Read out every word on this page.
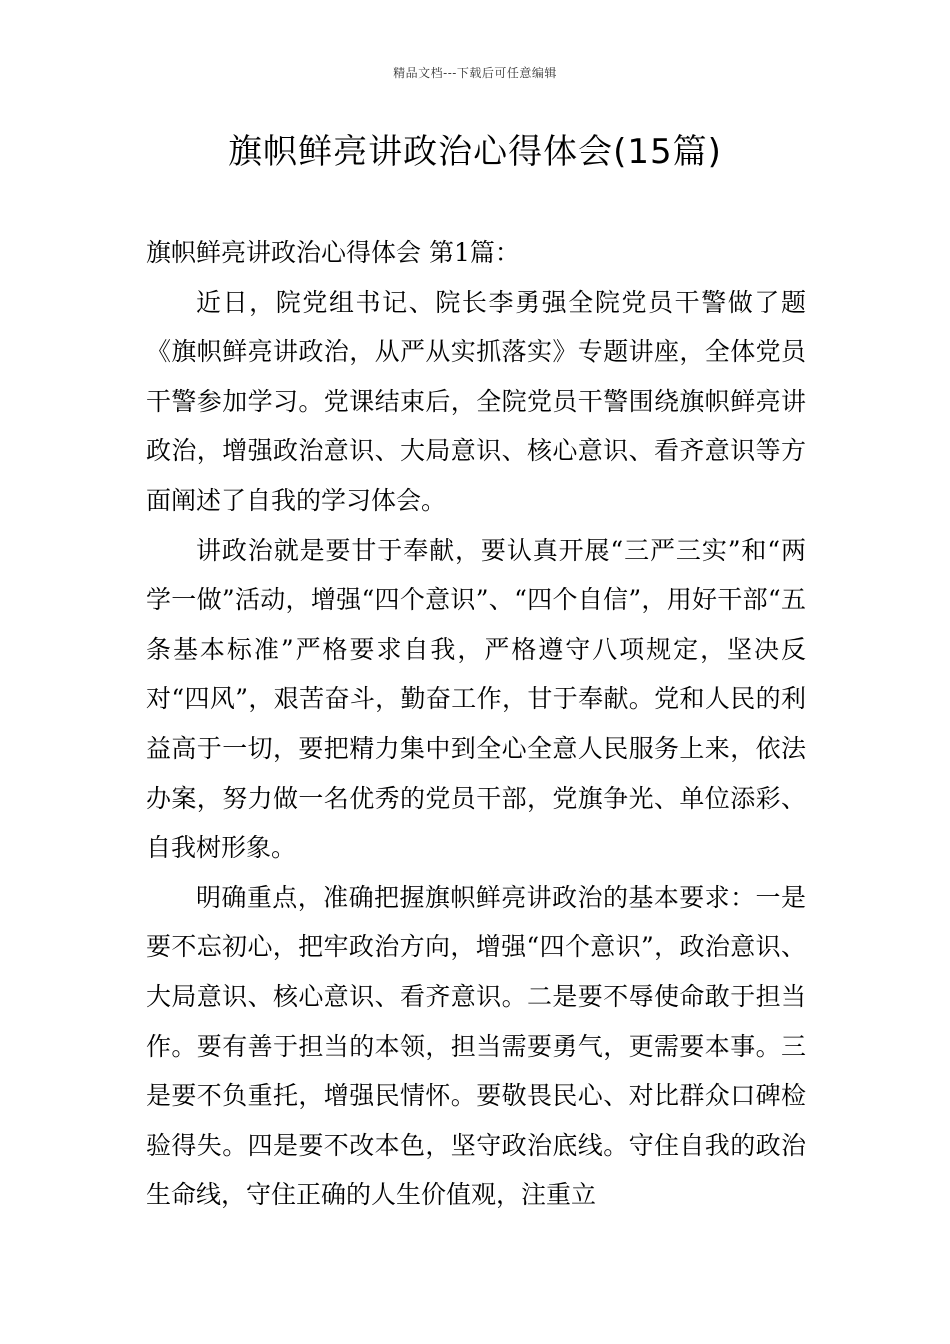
精品文档---下载后可任意编辑
旗帜鲜亮讲政治心得体会(15篇)
旗帜鲜亮讲政治心得体会 第1篇：

近日，院党组书记、院长李勇强全院党员干警做了题《旗帜鲜亮讲政治，从严从实抓落实》专题讲座，全体党员干警参加学习。党课结束后，全院党员干警围绕旗帜鲜亮讲政治，增强政治意识、大局意识、核心意识、看齐意识等方面阐述了自我的学习体会。

讲政治就是要甘于奉献，要认真开展“三严三实”和“两学一做”活动，增强“四个意识”、“四个自信”，用好干部“五条基本标准”严格要求自我，严格遵守八项规定，坚决反对“四风”，艰苦奋斗，勤奋工作，甘于奉献。党和人民的利益高于一切，要把精力集中到全心全意人民服务上来，依法办案，努力做一名优秀的党员干部，党旗争光、单位添彩、自我树形象。

明确重点，准确把握旗帜鲜亮讲政治的基本要求：一是要不忘初心，把牢政治方向，增强“四个意识”，政治意识、大局意识、核心意识、看齐意识。二是要不辱使命敢于担当作。要有善于担当的本领，担当需要勇气，更需要本事。三是要不负重托，增强民情怀。要敬畏民心、对比群众口碑检验得失。四是要不改本色，坚守政治底线。守住自我的政治生命线，守住正确的人生价值观，注重立
